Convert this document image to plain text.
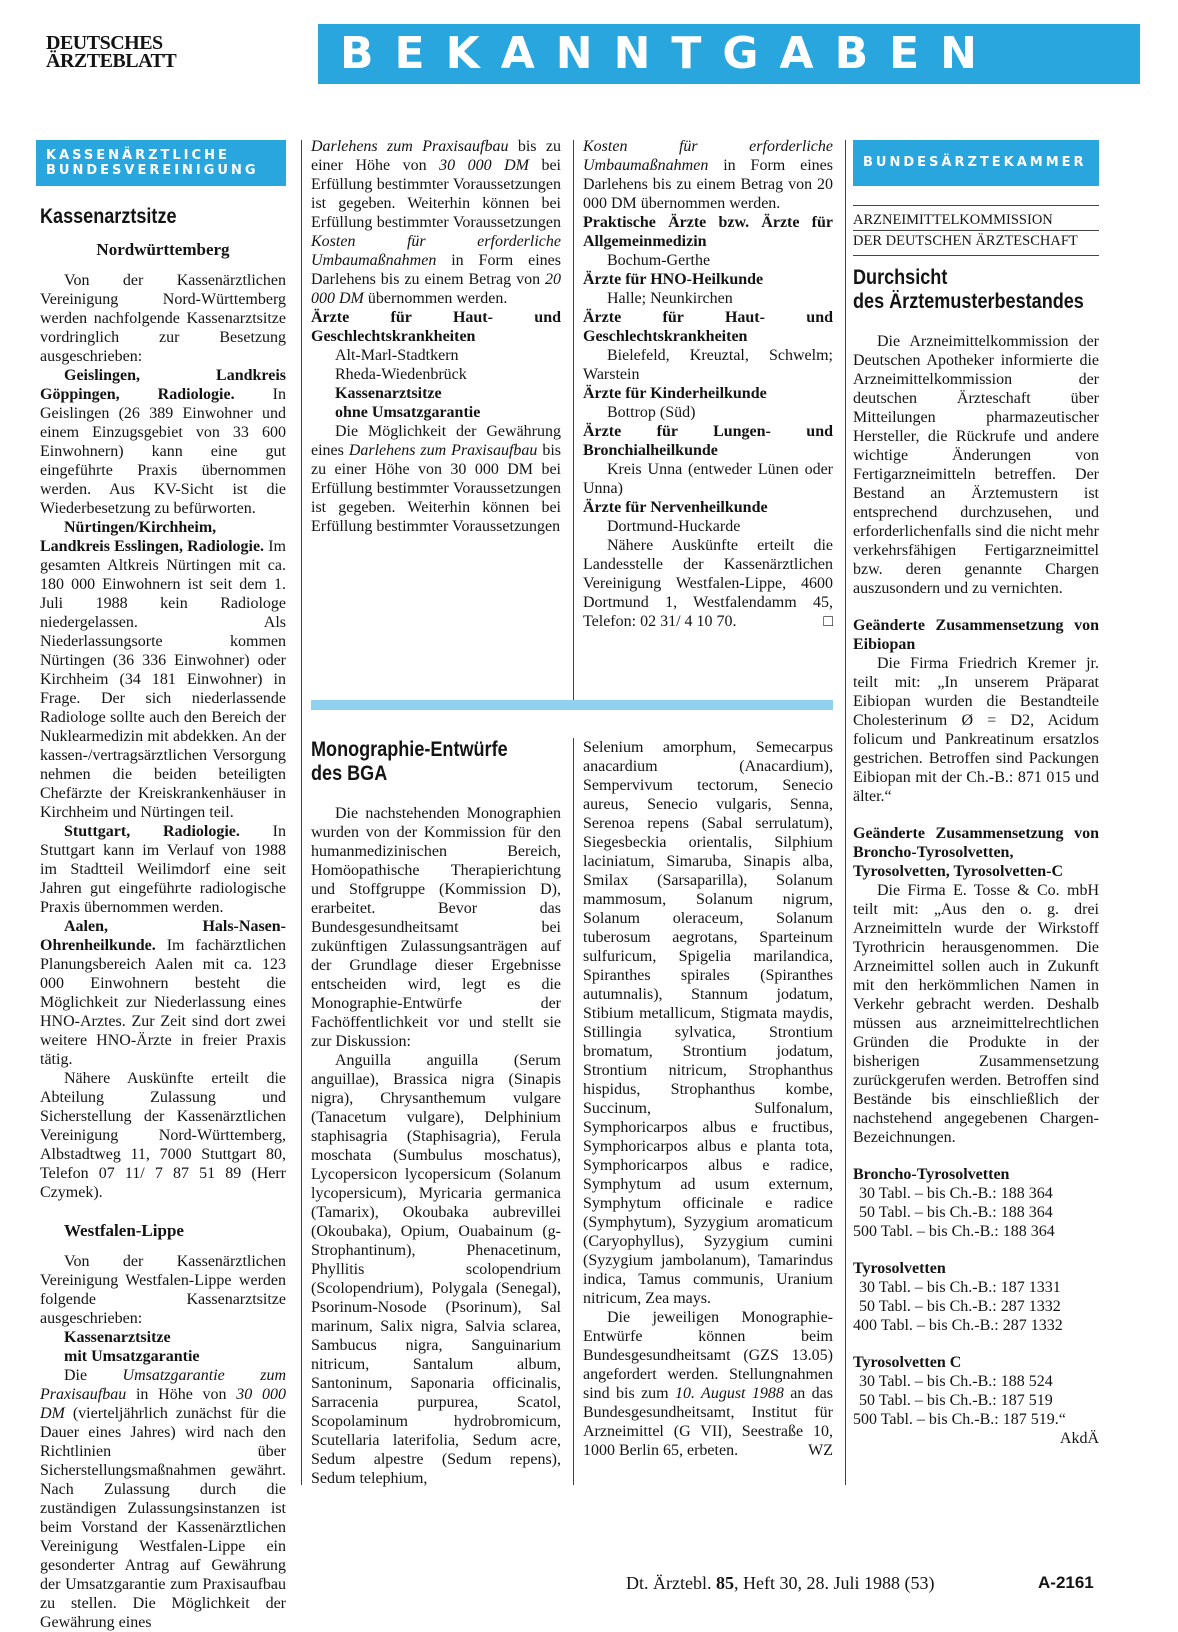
DEUTSCHES
ÄRZTEBLATT	BEKANNTGABEN
KASSENÄRZTLICHE
BUNDESVEREINIGUNG
Kassenarztsitze
Nordwürttemberg

Von der Kassenärztlichen Vereinigung Nord-Württemberg werden nachfolgende Kassenarztsitze vordringlich zur Besetzung ausgeschrieben:

Geislingen, Landkreis Göppingen, Radiologie. In Geislingen (26 389 Einwohner und einem Einzugsgebiet von 33 600 Einwohnern) kann eine gut eingeführte Praxis übernommen werden. Aus KV-Sicht ist die Wiederbesetzung zu befürworten.

Nürtingen/Kirchheim, Landkreis Esslingen, Radiologie. Im gesamten Altkreis Nürtingen mit ca. 180 000 Einwohnern ist seit dem 1. Juli 1988 kein Radiologe niedergelassen. Als Niederlassungsorte kommen Nürtingen (36 336 Einwohner) oder Kirchheim (34 181 Einwohner) in Frage. Der sich niederlassende Radiologe sollte auch den Bereich der Nuklearmedizin mit abdekken. An der kassen-/vertragsärztlichen Versorgung nehmen die beiden beteiligten Chefärzte der Kreiskrankenhäuser in Kirchheim und Nürtingen teil.

Stuttgart, Radiologie. In Stuttgart kann im Verlauf von 1988 im Stadtteil Weilimdorf eine seit Jahren gut eingeführte radiologische Praxis übernommen werden.

Aalen, Hals-Nasen-Ohrenheilkunde. Im fachärztlichen Planungsbereich Aalen mit ca. 123 000 Einwohnern besteht die Möglichkeit zur Niederlassung eines HNO-Arztes. Zur Zeit sind dort zwei weitere HNO-Ärzte in freier Praxis tätig.

Nähere Auskünfte erteilt die Abteilung Zulassung und Sicherstellung der Kassenärztlichen Vereinigung Nord-Württemberg, Albstadtweg 11, 7000 Stuttgart 80, Telefon 07 11/ 7 87 51 89 (Herr Czymek).

Westfalen-Lippe

Von der Kassenärztlichen Vereinigung Westfalen-Lippe werden folgende Kassenarztsitze ausgeschrieben:

Kassenarztsitze
mit Umsatzgarantie

Die Umsatzgarantie zum Praxisaufbau in Höhe von 30 000 DM (vierteljährlich zunächst für die Dauer eines Jahres) wird nach den Richtlinien über Sicherstellungsmaßnahmen gewährt. Nach Zulassung durch die zuständigen Zulassungsinstanzen ist beim Vorstand der Kassenärztlichen Vereinigung Westfalen-Lippe ein gesonderter Antrag auf Gewährung der Umsatzgarantie zum Praxisaufbau zu stellen. Die Möglichkeit der Gewährung eines

Darlehens zum Praxisaufbau bis zu einer Höhe von 30 000 DM bei Erfüllung bestimmter Voraussetzungen ist gegeben. Weiterhin können bei Erfüllung bestimmter Voraussetzungen Kosten für erforderliche Umbaumaßnahmen in Form eines Darlehens bis zu einem Betrag von 20 000 DM übernommen werden.

Ärzte für Haut- und Geschlechtskrankheiten

Alt-Marl-Stadtkern

Rheda-Wiedenbrück

Kassenarztsitze
ohne Umsatzgarantie

Die Möglichkeit der Gewährung eines Darlehens zum Praxisaufbau bis zu einer Höhe von 30 000 DM bei Erfüllung bestimmter Voraussetzungen ist gegeben. Weiterhin können bei Erfüllung bestimmter Voraussetzungen

Kosten für erforderliche Umbaumaßnahmen in Form eines Darlehens bis zu einem Betrag von 20 000 DM übernommen werden.

Praktische Ärzte bzw. Ärzte für Allgemeinmedizin

Bochum-Gerthe

Ärzte für HNO-Heilkunde

Halle; Neunkirchen

Ärzte für Haut- und Geschlechtskrankheiten

Bielefeld, Kreuztal, Schwelm; Warstein

Ärzte für Kinderheilkunde

Bottrop (Süd)

Ärzte für Lungen- und Bronchialheilkunde

Kreis Unna (entweder Lünen oder Unna)

Ärzte für Nervenheilkunde

Dortmund-Huckarde

Nähere Auskünfte erteilt die Landesstelle der Kassenärztlichen Vereinigung Westfalen-Lippe, 4600 Dortmund 1, Westfalendamm 45, Telefon: 02 31/ 4 10 70.	□

Monographie-Entwürfe
des BGA

Die nachstehenden Monographien wurden von der Kommission für den humanmedizinischen Bereich, Homöopathische Therapierichtung und Stoffgruppe (Kommission D), erarbeitet. Bevor das Bundesgesundheitsamt bei zukünftigen Zulassungsanträgen auf der Grundlage dieser Ergebnisse entscheiden wird, legt es die Monographie-Entwürfe der Fachöffentlichkeit vor und stellt sie zur Diskussion:

Anguilla anguilla (Serum anguillae), Brassica nigra (Sinapis nigra), Chrysanthemum vulgare (Tanacetum vulgare), Delphinium staphisagria (Staphisagria), Ferula moschata (Sumbulus moschatus), Lycopersicon lycopersicum (Solanum lycopersicum), Myricaria germanica (Tamarix), Okoubaka aubrevillei (Okoubaka), Opium, Ouabainum (g-Strophantinum), Phenacetinum, Phyllitis scolopendrium (Scolopendrium), Polygala (Senegal), Psorinum-Nosode (Psorinum), Sal marinum, Salix nigra, Salvia sclarea, Sambucus nigra, Sanguinarium nitricum, Santalum album, Santoninum, Saponaria officinalis, Sarracenia purpurea, Scatol, Scopolaminum hydrobromicum, Scutellaria laterifolia, Sedum acre, Sedum alpestre (Sedum repens), Sedum telephium,

Selenium amorphum, Semecarpus anacardium (Anacardium), Sempervivum tectorum, Senecio aureus, Senecio vulgaris, Senna, Serenoa repens (Sabal serrulatum), Siegesbeckia orientalis, Silphium laciniatum, Simaruba, Sinapis alba, Smilax (Sarsaparilla), Solanum mammosum, Solanum nigrum, Solanum oleraceum, Solanum tuberosum aegrotans, Sparteinum sulfuricum, Spigelia marilandica, Spiranthes spirales (Spiranthes autumnalis), Stannum jodatum, Stibium metallicum, Stigmata maydis, Stillingia sylvatica, Strontium bromatum, Strontium jodatum, Strontium nitricum, Strophanthus hispidus, Strophanthus kombe, Succinum, Sulfonalum, Symphoricarpos albus e fructibus, Symphoricarpos albus e planta tota, Symphoricarpos albus e radice, Symphytum ad usum externum, Symphytum officinale e radice (Symphytum), Syzygium aromaticum (Caryophyllus), Syzygium cumini (Syzygium jambolanum), Tamarindus indica, Tamus communis, Uranium nitricum, Zea mays.

Die jeweiligen Monographie-Entwürfe können beim Bundesgesundheitsamt (GZS 13.05) angefordert werden. Stellungnahmen sind bis zum 10. August 1988 an das Bundesgesundheitsamt, Institut für Arzneimittel (G VII), Seestraße 10, 1000 Berlin 65, erbeten.	WZ

BUNDESÄRZTEKAMMER
ARZNEIMITTELKOMMISSION
DER DEUTSCHEN ÄRZTESCHAFT
Durchsicht
des Ärztemusterbestandes

Die Arzneimittelkommission der Deutschen Apotheker informierte die Arzneimittelkommission der deutschen Ärzteschaft über Mitteilungen pharmazeutischer Hersteller, die Rückrufe und andere wichtige Änderungen von Fertigarzneimitteln betreffen. Der Bestand an Ärztemustern ist entsprechend durchzusehen, und erforderlichenfalls sind die nicht mehr verkehrsfähigen Fertigarzneimittel bzw. deren genannte Chargen auszusondern und zu vernichten.

Geänderte Zusammensetzung von Eibiopan

Die Firma Friedrich Kremer jr. teilt mit: „In unserem Präparat Eibiopan wurden die Bestandteile Cholesterinum Ø = D2, Acidum folicum und Pankreatinum ersatzlos gestrichen. Betroffen sind Packungen Eibiopan mit der Ch.-B.: 871 015 und älter.“

Geänderte Zusammensetzung von Broncho-Tyrosolvetten, Tyrosolvetten, Tyrosolvetten-C

Die Firma E. Tosse & Co. mbH teilt mit: „Aus den o. g. drei Arzneimitteln wurde der Wirkstoff Tyrothricin herausgenommen. Die Arzneimittel sollen auch in Zukunft mit den herkömmlichen Namen in Verkehr gebracht werden. Deshalb müssen aus arzneimittelrechtlichen Gründen die Produkte in der bisherigen Zusammensetzung zurückgerufen werden. Betroffen sind Bestände bis einschließlich der nachstehend angegebenen Chargen-Bezeichnungen.

Broncho-Tyrosolvetten

30 Tabl. – bis Ch.-B.: 188 364

50 Tabl. – bis Ch.-B.: 188 364

500 Tabl. – bis Ch.-B.: 188 364

Tyrosolvetten

30 Tabl. – bis Ch.-B.: 187 1331

50 Tabl. – bis Ch.-B.: 287 1332

400 Tabl. – bis Ch.-B.: 287 1332

Tyrosolvetten C

30 Tabl. – bis Ch.-B.: 188 524

50 Tabl. – bis Ch.-B.: 187 519

500 Tabl. – bis Ch.-B.: 187 519.“

AkdÄ

Dt. Ärztebl. 85, Heft 30, 28. Juli 1988 (53)	A-2161
